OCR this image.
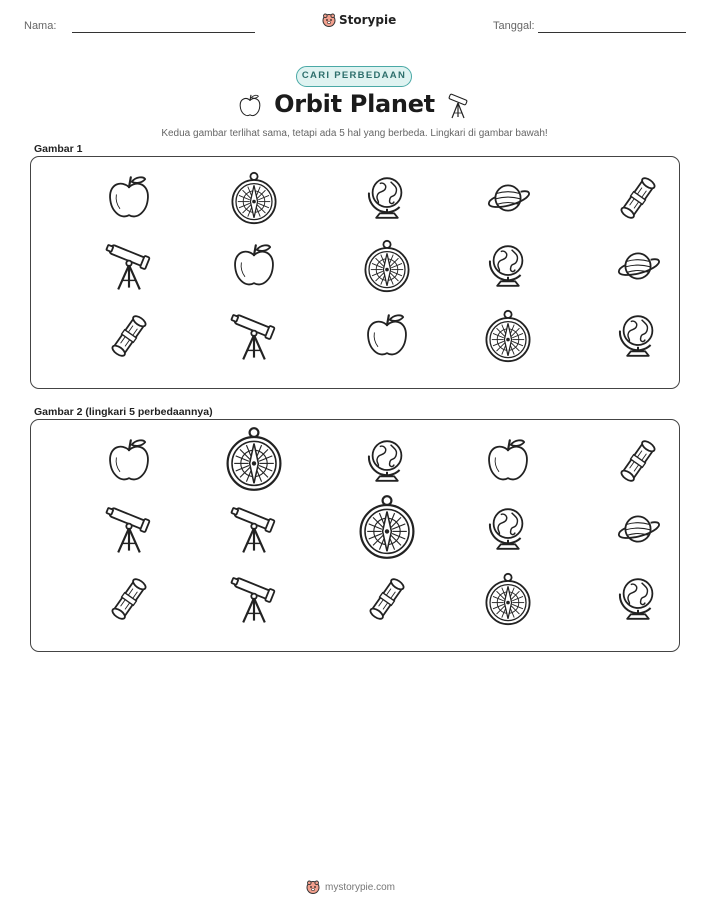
Nama:	Storypie	Tanggal:
CARI PERBEDAAN
Orbit Planet
Kedua gambar terlihat sama, tetapi ada 5 hal yang berbeda. Lingkari di gambar bawah!
Gambar 1
Gambar 2 (lingkari 5 perbedaannya)
mystorypie.com
